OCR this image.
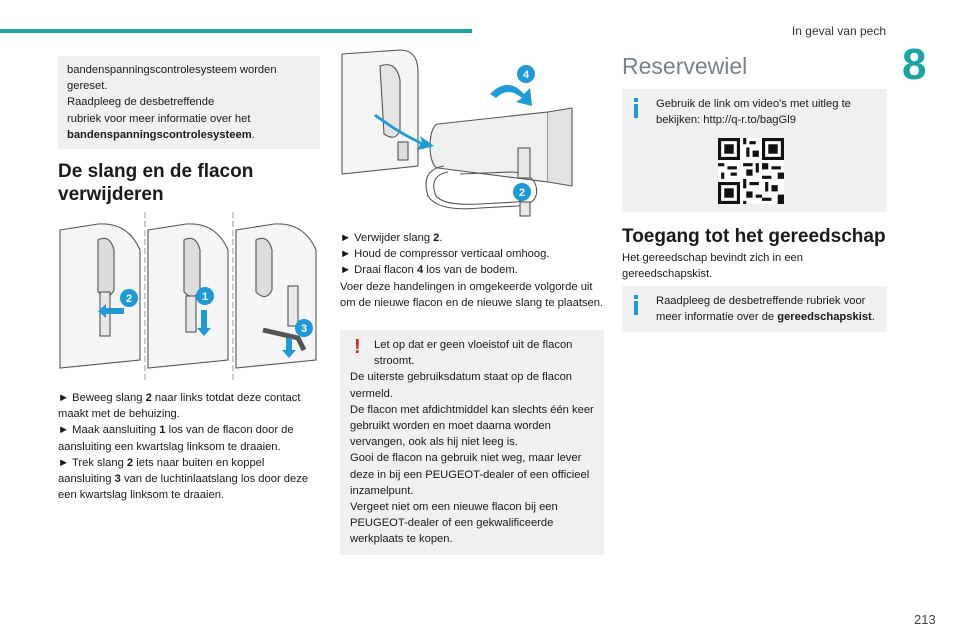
In geval van pech
8
bandenspanningscontrolesysteem worden
gereset.
Raadpleeg de desbetreffende
rubriek voor meer informatie over het
bandenspanningscontrolesysteem.
De slang en de flacon
verwijderen
2	1
3
► Beweeg slang 2 naar links totdat deze contact maakt met de behuizing.
► Maak aansluiting 1 los van de flacon door de aansluiting een kwartslag linksom te draaien.
► Trek slang 2 iets naar buiten en koppel aansluiting 3 van de luchtinlaatslang los door deze een kwartslag linksom te draaien.
4
2
► Verwijder slang 2.
► Houd de compressor verticaal omhoog.
► Draai flacon 4 los van de bodem.
Voer deze handelingen in omgekeerde volgorde uit om de nieuwe flacon en de nieuwe slang te plaatsen.
!	Let op dat er geen vloeistof uit de flacon stroomt.
De uiterste gebruiksdatum staat op de flacon vermeld.
De flacon met afdichtmiddel kan slechts één keer gebruikt worden en moet daarna worden vervangen, ook als hij niet leeg is.
Gooi de flacon na gebruik niet weg, maar lever deze in bij een PEUGEOT-dealer of een officieel inzamelpunt.
Vergeet niet om een nieuwe flacon bij een PEUGEOT-dealer of een gekwalificeerde werkplaats te kopen.
Reservewiel
Gebruik de link om video's met uitleg te bekijken: http://q-r.to/bagGl9
Toegang tot het gereedschap
Het gereedschap bevindt zich in een gereedschapskist.
Raadpleeg de desbetreffende rubriek voor meer informatie over de gereedschapskist.
213
